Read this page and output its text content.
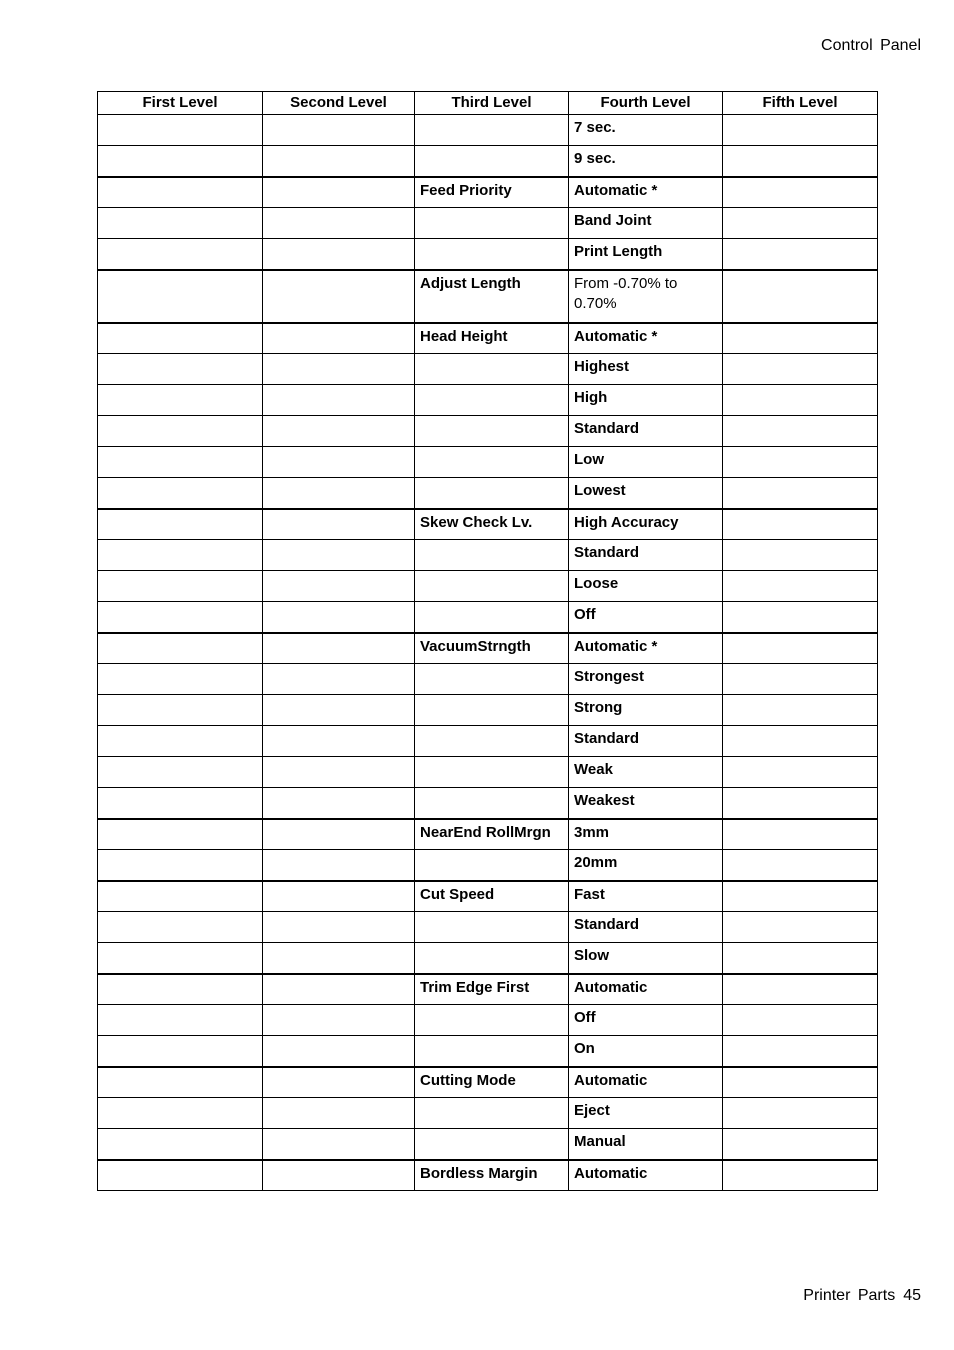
Control Panel
First Level	Second Level	Third Level	Fourth Level	Fifth Level
			7 sec.	
			9 sec.	
		Feed Priority	Automatic *	
			Band Joint	
			Print Length	
		Adjust Length	From -0.70% to 0.70%	
		Head Height	Automatic *	
			Highest	
			High	
			Standard	
			Low	
			Lowest	
		Skew Check Lv.	High Accuracy	
			Standard	
			Loose	
			Off	
		VacuumStrngth	Automatic *	
			Strongest	
			Strong	
			Standard	
			Weak	
			Weakest	
		NearEnd RollMrgn	3mm	
			20mm	
		Cut Speed	Fast	
			Standard	
			Slow	
		Trim Edge First	Automatic	
			Off	
			On	
		Cutting Mode	Automatic	
			Eject	
			Manual	
		Bordless Margin	Automatic	
Printer Parts 45
